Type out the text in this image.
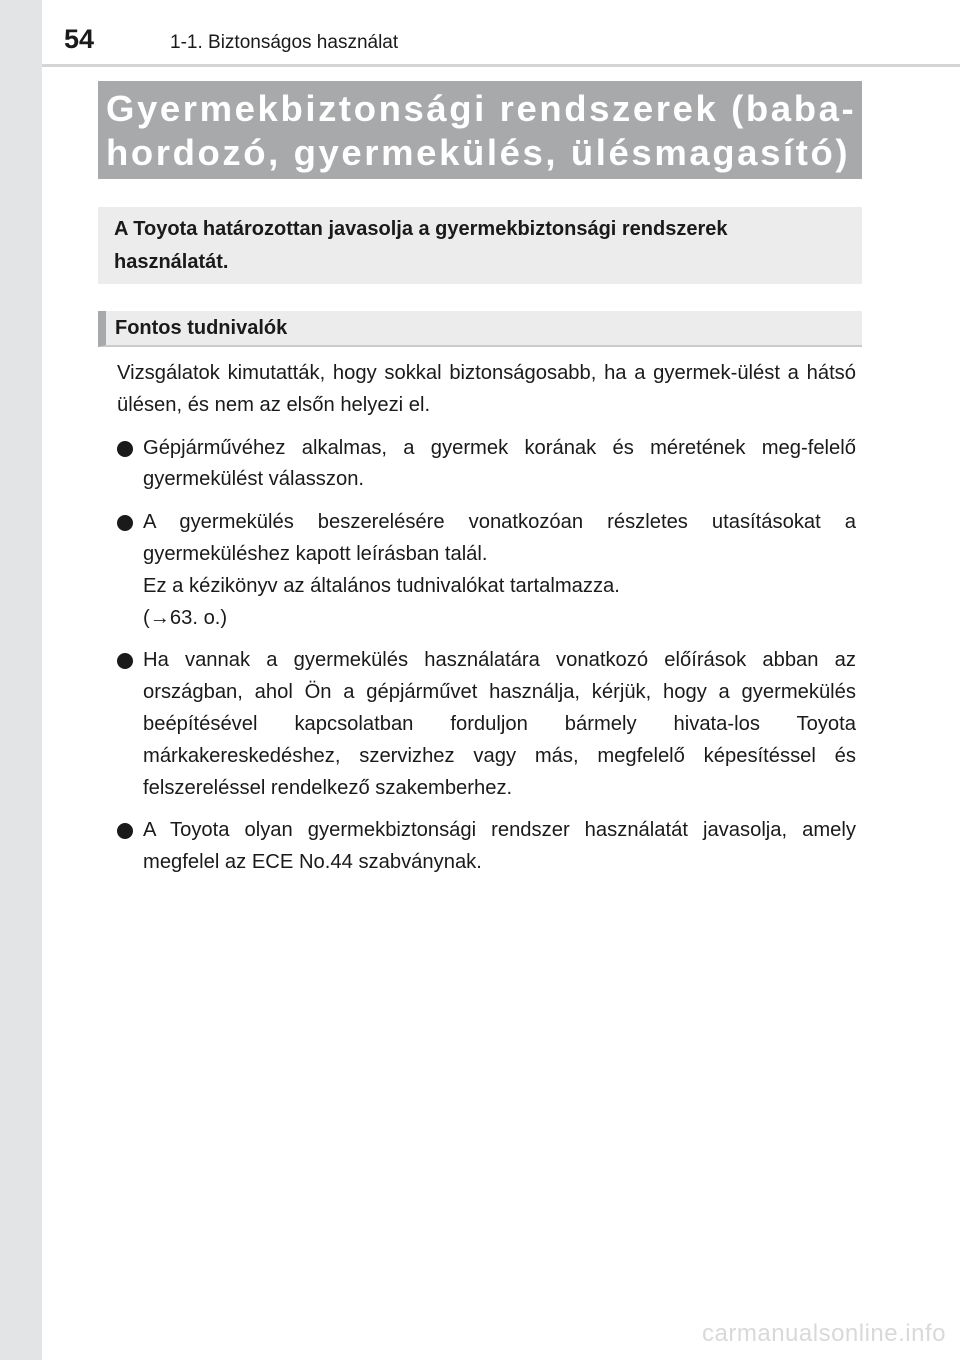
54	1-1. Biztonságos használat
Gyermekbiztonsági rendszerek (baba-
hordozó, gyermekülés, ülésmagasító)

A Toyota határozottan javasolja a gyermekbiztonsági rendszerek használatát.

Fontos tudnivalók

Vizsgálatok kimutatták, hogy sokkal biztonságosabb, ha a gyermek-ülést a hátsó ülésen, és nem az elsőn helyezi el.

Gépjárművéhez alkalmas, a gyermek korának és méretének meg-felelő gyermekülést válasszon.

A gyermekülés beszerelésére vonatkozóan részletes utasításokat a gyermeküléshez kapott leírásban talál.

Ez a kézikönyv az általános tudnivalókat tartalmazza.

(→63. o.)

Ha vannak a gyermekülés használatára vonatkozó előírások abban az országban, ahol Ön a gépjárművet használja, kérjük, hogy a gyermekülés beépítésével kapcsolatban forduljon bármely hivata-los Toyota márkakereskedéshez, szervizhez vagy más, megfelelő képesítéssel és felszereléssel rendelkező szakemberhez.

A Toyota olyan gyermekbiztonsági rendszer használatát javasolja, amely megfelel az ECE No.44 szabványnak.

carmanualsonline.info
